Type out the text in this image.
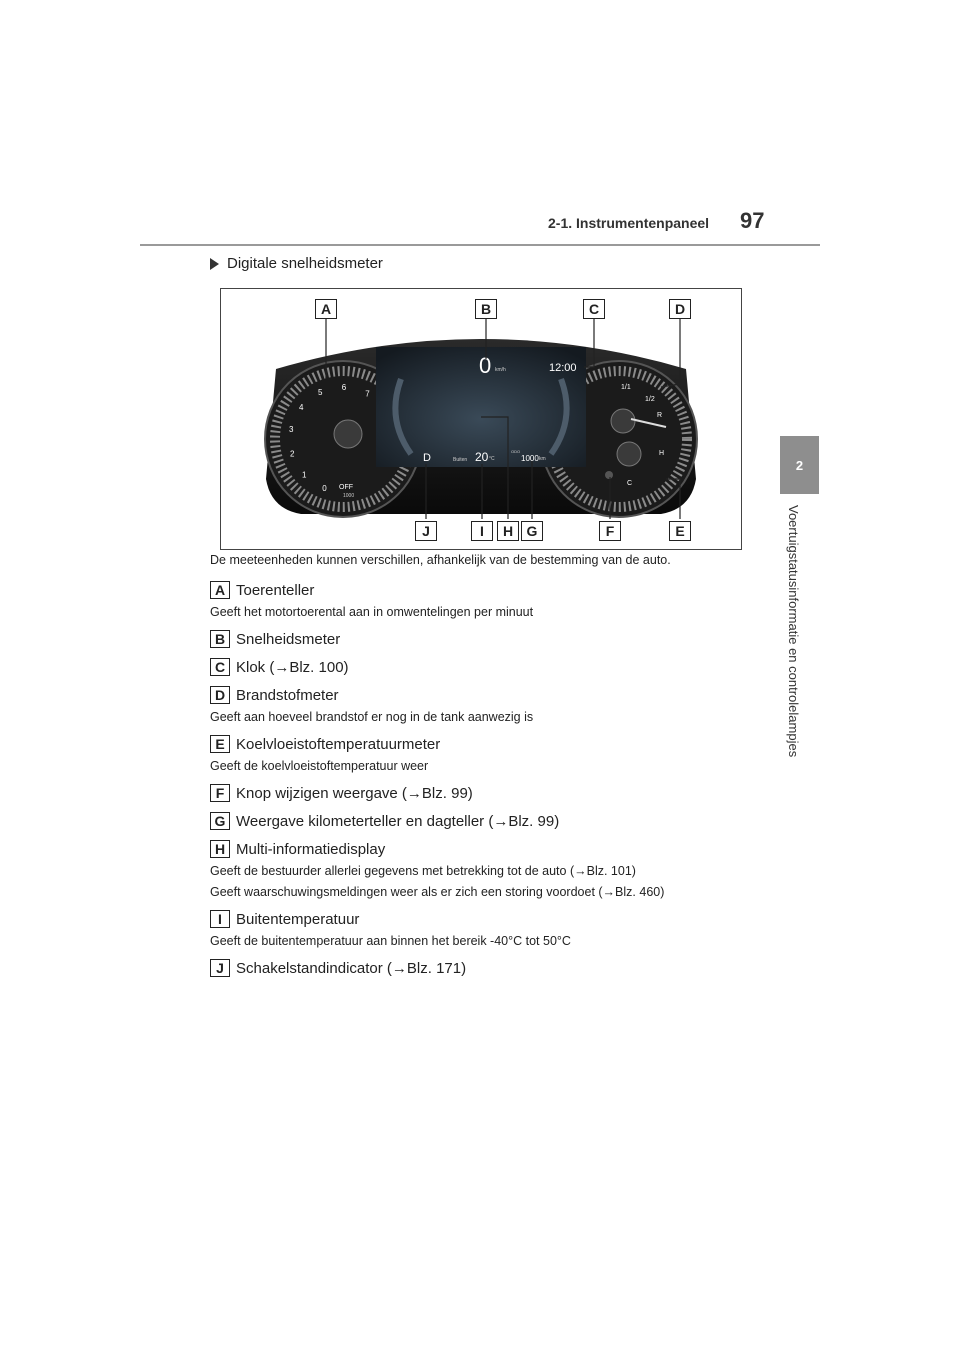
2-1. Instrumentenpaneel 97
2
Voertuigstatusinformatie en controlelampjes
Digitale snelheidsmeter
0 km/h	12:00
D	Buiten 20 °C
ODO
1000 km
OFF
1000
1/1
1/2
R
H
C
0
1
2
3
4
5
6
7
A	B	C	D
J	I	H G	F	E
De meeteenheden kunnen verschillen, afhankelijk van de bestemming van de auto.
A Toerenteller
Geeft het motortoerental aan in omwentelingen per minuut
B Snelheidsmeter
C Klok (→Blz. 100)
D Brandstofmeter
Geeft aan hoeveel brandstof er nog in de tank aanwezig is
E Koelvloeistoftemperatuurmeter
Geeft de koelvloeistoftemperatuur weer
F Knop wijzigen weergave (→Blz. 99)
G Weergave kilometerteller en dagteller (→Blz. 99)
H Multi-informatiedisplay
Geeft de bestuurder allerlei gegevens met betrekking tot de auto (→Blz. 101)
Geeft waarschuwingsmeldingen weer als er zich een storing voordoet (→Blz. 460)
I Buitentemperatuur
Geeft de buitentemperatuur aan binnen het bereik -40°C tot 50°C
J Schakelstandindicator (→Blz. 171)
